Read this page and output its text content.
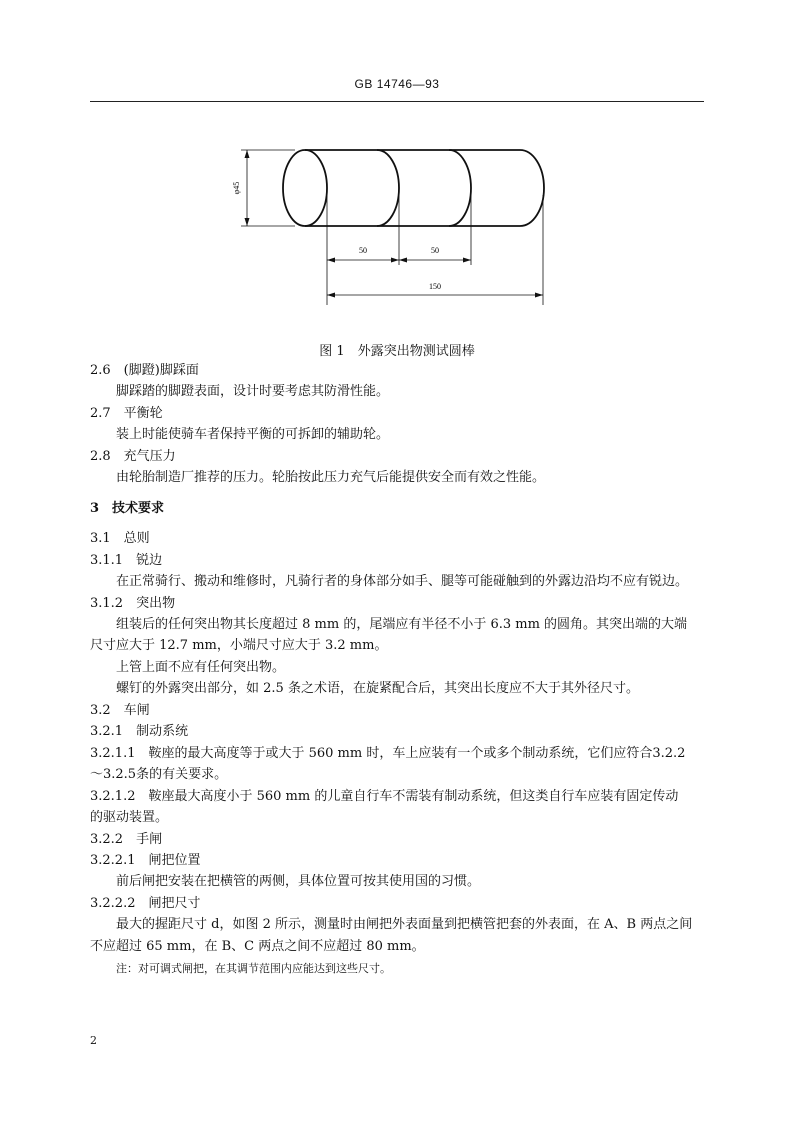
GB 14746—93
φ45
50	50
150
图 1　外露突出物测试圆棒
2.6　(脚蹬)脚踩面
脚踩踏的脚蹬表面，设计时要考虑其防滑性能。
2.7　平衡轮
装上时能使骑车者保持平衡的可拆卸的辅助轮。
2.8　充气压力
由轮胎制造厂推荐的压力。轮胎按此压力充气后能提供安全而有效之性能。
3　技术要求
3.1　总则
3.1.1　锐边
在正常骑行、搬动和维修时，凡骑行者的身体部分如手、腿等可能碰触到的外露边沿均不应有锐边。
3.1.2　突出物
组装后的任何突出物其长度超过 8 mm 的，尾端应有半径不小于 6.3 mm 的圆角。其突出端的大端
尺寸应大于 12.7 mm，小端尺寸应大于 3.2 mm。
上管上面不应有任何突出物。
螺钉的外露突出部分，如 2.5 条之术语，在旋紧配合后，其突出长度应不大于其外径尺寸。
3.2　车闸
3.2.1　制动系统
3.2.1.1　鞍座的最大高度等于或大于 560 mm 时，车上应装有一个或多个制动系统，它们应符合3.2.2
～3.2.5条的有关要求。
3.2.1.2　鞍座最大高度小于 560 mm 的儿童自行车不需装有制动系统，但这类自行车应装有固定传动
的驱动装置。
3.2.2　手闸
3.2.2.1　闸把位置
前后闸把安装在把横管的两侧，具体位置可按其使用国的习惯。
3.2.2.2　闸把尺寸
最大的握距尺寸 d，如图 2 所示，测量时由闸把外表面量到把横管把套的外表面，在 A、B 两点之间
不应超过 65 mm，在 B、C 两点之间不应超过 80 mm。
注：对可调式闸把，在其调节范围内应能达到这些尺寸。
2
